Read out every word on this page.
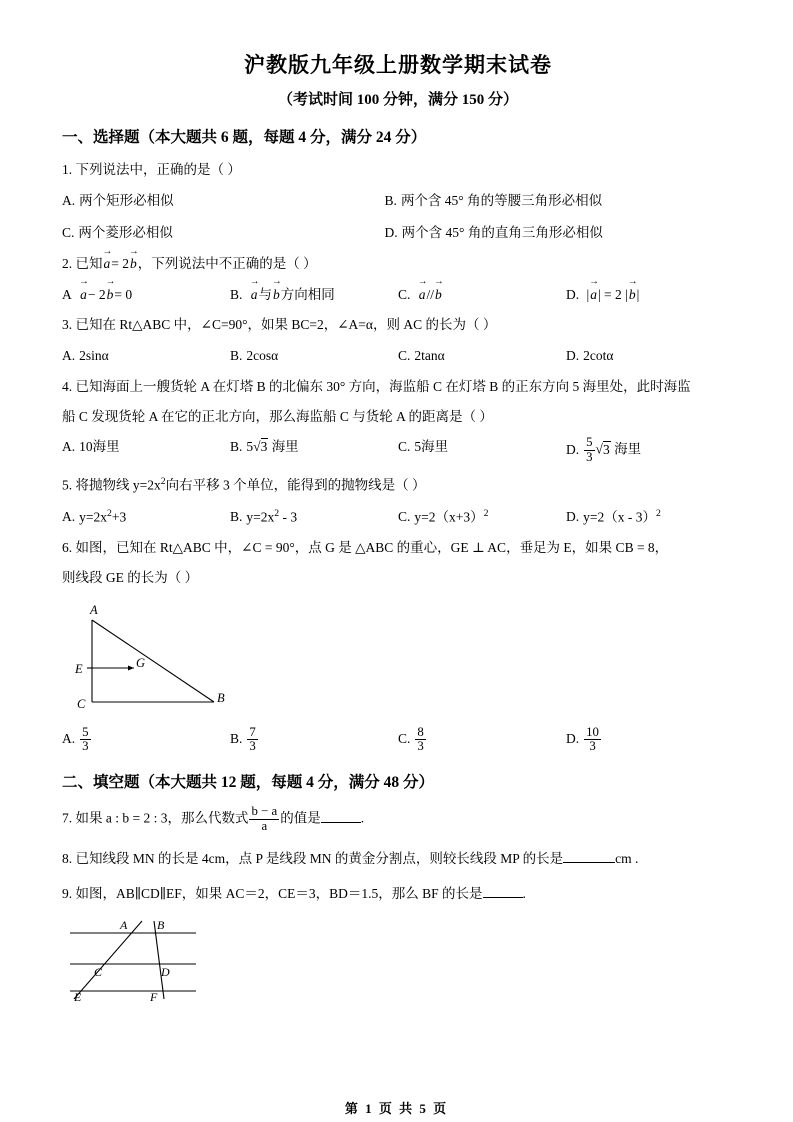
沪教版九年级上册数学期末试卷
（考试时间 100 分钟，满分 150 分）
一、选择题（本大题共 6 题，每题 4 分，满分 24 分）
1. 下列说法中，正确的是（ ）
A. 两个矩形必相似	B. 两个含 45° 角的等腰三角形必相似
C. 两个菱形必相似	D. 两个含 45° 角的直角三角形必相似
2. 已知a →= 2b →，下列说法中不正确的是（ ）
A a →− 2b →= 0	B. a →与b →方向相同	C. a →//b →	D. |a →| = 2 |b →|
3. 已知在 Rt△ABC 中，∠C=90°，如果 BC=2，∠A=α，则 AC 的长为（ ）
A. 2sinα	B. 2cosα	C. 2tanα	D. 2cotα
4. 已知海面上一艘货轮 A 在灯塔 B 的北偏东 30° 方向，海监船 C 在灯塔 B 的正东方向 5 海里处，此时海监
船 C 发现货轮 A 在它的正北方向，那么海监船 C 与货轮 A 的距离是（ ）
A. 10海里	B. 5√3 海里	C. 5海里	D. $\frac{5}{3} √3$ 海里
5. 将抛物线 $y=2x^2$向右平移 3 个单位，能得到的抛物线是（ ）
A. $y=2x^2+3$	B. $y=2x^2 - 3$	C. $y=2(x+3)^2$	D. y=2（x - 3）$^2$
6. 如图，已知在 Rt△ABC 中，∠C = 90°，点 G 是 △ABC 的重心，GE ⊥ AC，垂足为 E，如果 CB = 8，
则线段 GE 的长为（ ）
A
B
C
E	G
A. $\frac{5}{3}$	B. $\frac{7}{3}$	C. $\frac{8}{3}$	D. $\frac{10}{3}$
二、填空题（本大题共 12 题，每题 4 分，满分 48 分）
7. 如果 a : b = 2 : 3，那么代数式 $\frac{b - a}{a}$ 的值是	.
8. 已知线段 MN 的长是 4cm，点 P 是线段 MN 的黄金分割点，则较长线段 MP 的长是	cm .
9. 如图，AB∥CD∥EF，如果 AC＝2，CE＝3，BD＝1.5，那么 BF 的长是	.
A B
C	D
E	F
第 1 页 共 5 页
